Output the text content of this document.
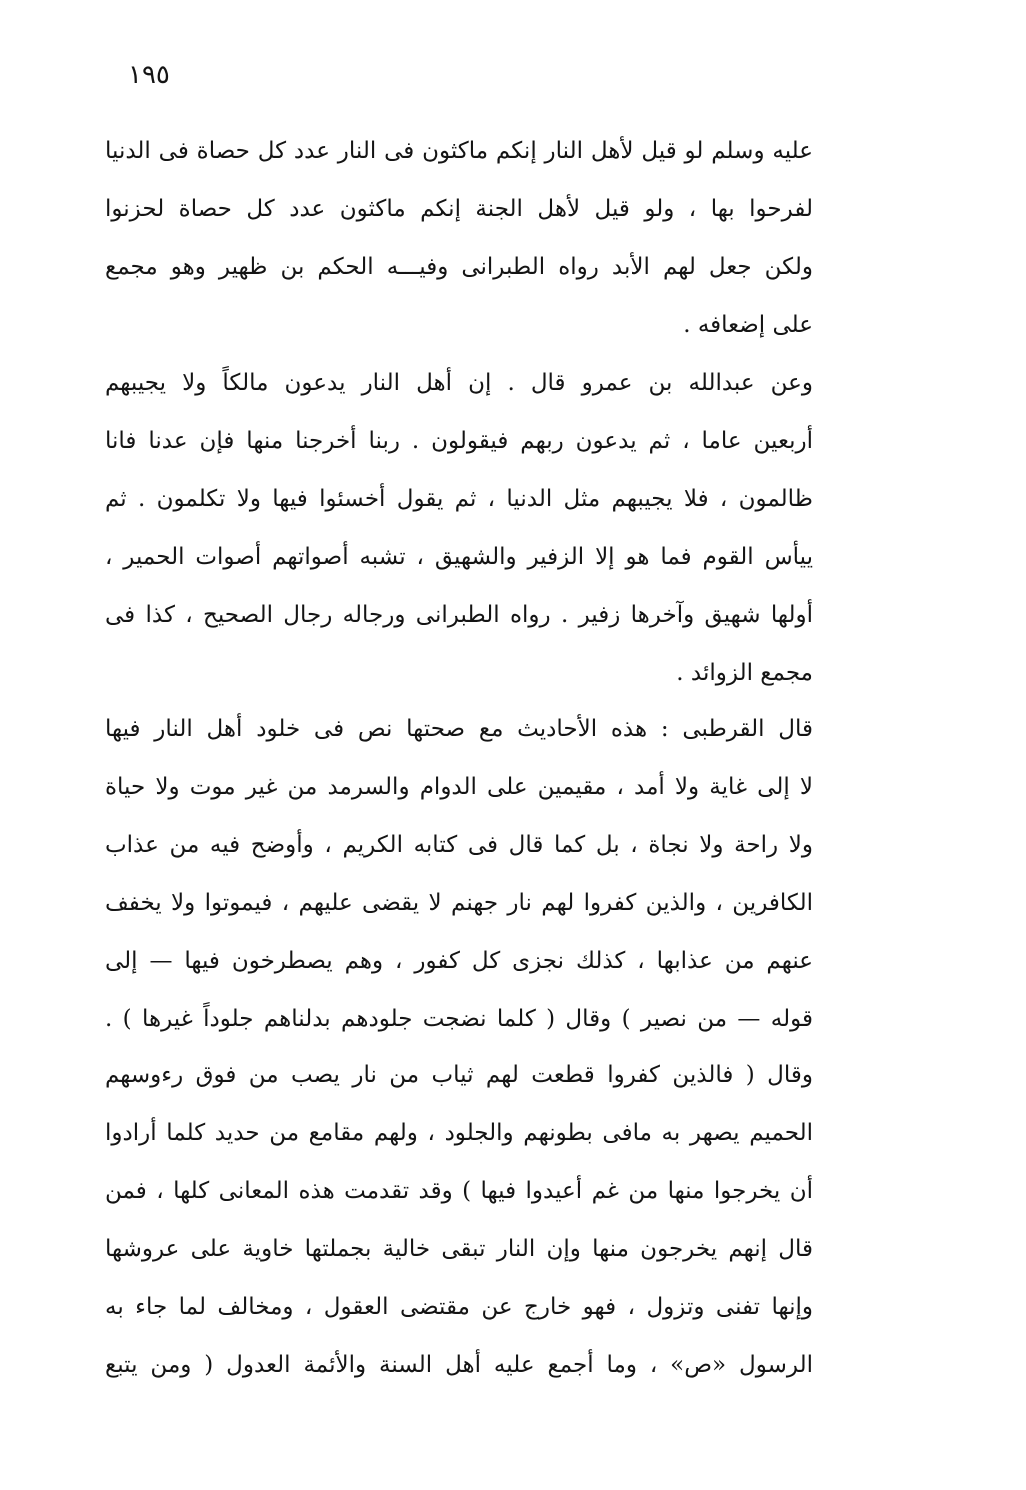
١٩٥
عليه وسلم لو قيل لأهل النار إنكم ماكثون فى النار عدد كل حصاة فى الدنيا
لفرحوا بها ، ولو قيل لأهل الجنة إنكم ماكثون عدد كل حصاة لحزنوا
ولكن جعل لهم الأبد رواه الطبرانى وفيـــه الحكم بن ظهير وهو مجمع
على إضعافه .
وعن عبدالله بن عمرو قال . إن أهل النار يدعون مالكاً ولا يجيبهم
أربعين عاما ، ثم يدعون ربهم فيقولون . ربنا أخرجنا منها فإن عدنا فانا
ظالمون ، فلا يجيبهم مثل الدنيا ، ثم يقول أخسئوا فيها ولا تكلمون . ثم
ييأس القوم فما هو إلا الزفير والشهيق ، تشبه أصواتهم أصوات الحمير ،
أولها شهيق وآخرها زفير . رواه الطبرانى ورجاله رجال الصحيح ، كذا فى
مجمع الزوائد .
قال القرطبى : هذه الأحاديث مع صحتها نص فى خلود أهل النار فيها
لا إلى غاية ولا أمد ، مقيمين على الدوام والسرمد من غير موت ولا حياة
ولا راحة ولا نجاة ، بل كما قال فى كتابه الكريم ، وأوضح فيه من عذاب
الكافرين ، والذين كفروا لهم نار جهنم لا يقضى عليهم ، فيموتوا ولا يخفف
عنهم من عذابها ، كذلك نجزى كل كفور ، وهم يصطرخون فيها — إلى
قوله — من نصير ) وقال ( كلما نضجت جلودهم بدلناهم جلوداً غيرها ) .
وقال ( فالذين كفروا قطعت لهم ثياب من نار يصب من فوق رءوسهم
الحميم يصهر به مافى بطونهم والجلود ، ولهم مقامع من حديد كلما أرادوا
أن يخرجوا منها من غم أعيدوا فيها ) وقد تقدمت هذه المعانى كلها ، فمن
قال إنهم يخرجون منها وإن النار تبقى خالية بجملتها خاوية على عروشها
وإنها تفنى وتزول ، فهو خارج عن مقتضى العقول ، ومخالف لما جاء به
الرسول «ص» ، وما أجمع عليه أهل السنة والأئمة العدول ( ومن يتبع
